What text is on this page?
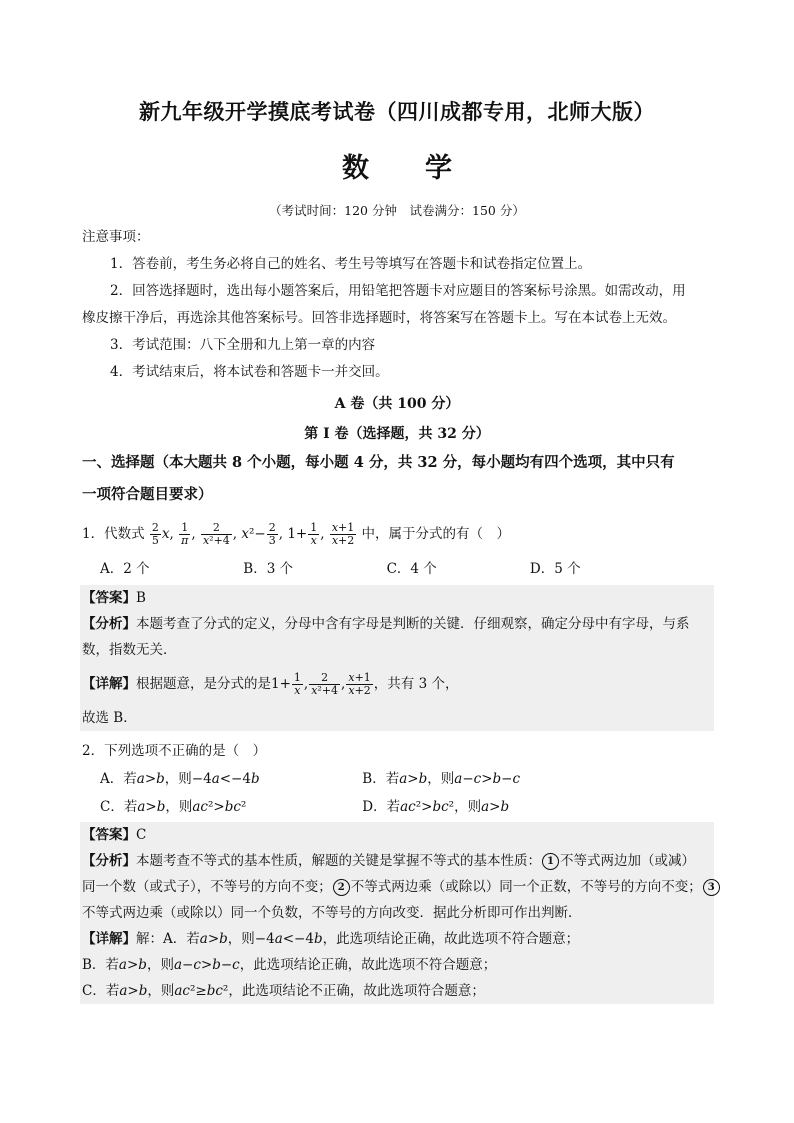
新九年级开学摸底考试卷（四川成都专用，北师大版）
数学
（考试时间：120 分钟　试卷满分：150 分）
注意事项：
1．答卷前，考生务必将自己的姓名、考生号等填写在答题卡和试卷指定位置上。
2．回答选择题时，选出每小题答案后，用铅笔把答题卡对应题目的答案标号涂黑。如需改动，用
橡皮擦干净后，再选涂其他答案标号。回答非选择题时，将答案写在答题卡上。写在本试卷上无效。
3．考试范围：八下全册和九上第一章的内容
4．考试结束后，将本试卷和答题卡一并交回。
A 卷（共 100 分）
第 I 卷（选择题，共 32 分）
一、选择题（本大题共 8 个小题，每小题 4 分，共 32 分，每小题均有四个选项，其中只有
一项符合题目要求）
1．代数式 $\frac{2}{5} x$, $\frac{1}{\pi}$ , $\frac{2}{\text{x²+4}}$ , $x^2- \frac{2}{3}$ , $1+ \frac{1}{x}$ , $\frac{x+1}{x+2}$ 中，属于分式的有（　）
A．2 个	B．3 个	C．4 个	D．5 个
【答案】B
【分析】本题考查了分式的定义，分母中含有字母是判断的关键．仔细观察，确定分母中有字母，与系
数，指数无关．
【详解】根据题意，是分式的是$1+ \frac{1}{x}$ , $\frac{2}{\text{x²+4}}$ , $\frac{x+1}{x+2}$ ，共有 3 个，
故选 B．
2．下列选项不正确的是（　）
A．若a>b，则−4a<−4b	B．若a>b，则a−c>b−c
C．若a>b，则ac²>bc²	D．若ac²>bc²，则a>b
【答案】C
【分析】本题考查不等式的基本性质，解题的关键是掌握不等式的基本性质： 1 不等式两边加（或减）
同一个数（或式子），不等号的方向不变； 2 不等式两边乘（或除以）同一个正数，不等号的方向不变； 3
不等式两边乘（或除以）同一个负数，不等号的方向改变．据此分析即可作出判断．
【详解】解：A．若a>b，则−4a<−4b，此选项结论正确，故此选项不符合题意；
B．若a>b，则a−c>b−c，此选项结论正确，故此选项不符合题意；
C．若a>b，则ac²≥bc²，此选项结论不正确，故此选项符合题意；
